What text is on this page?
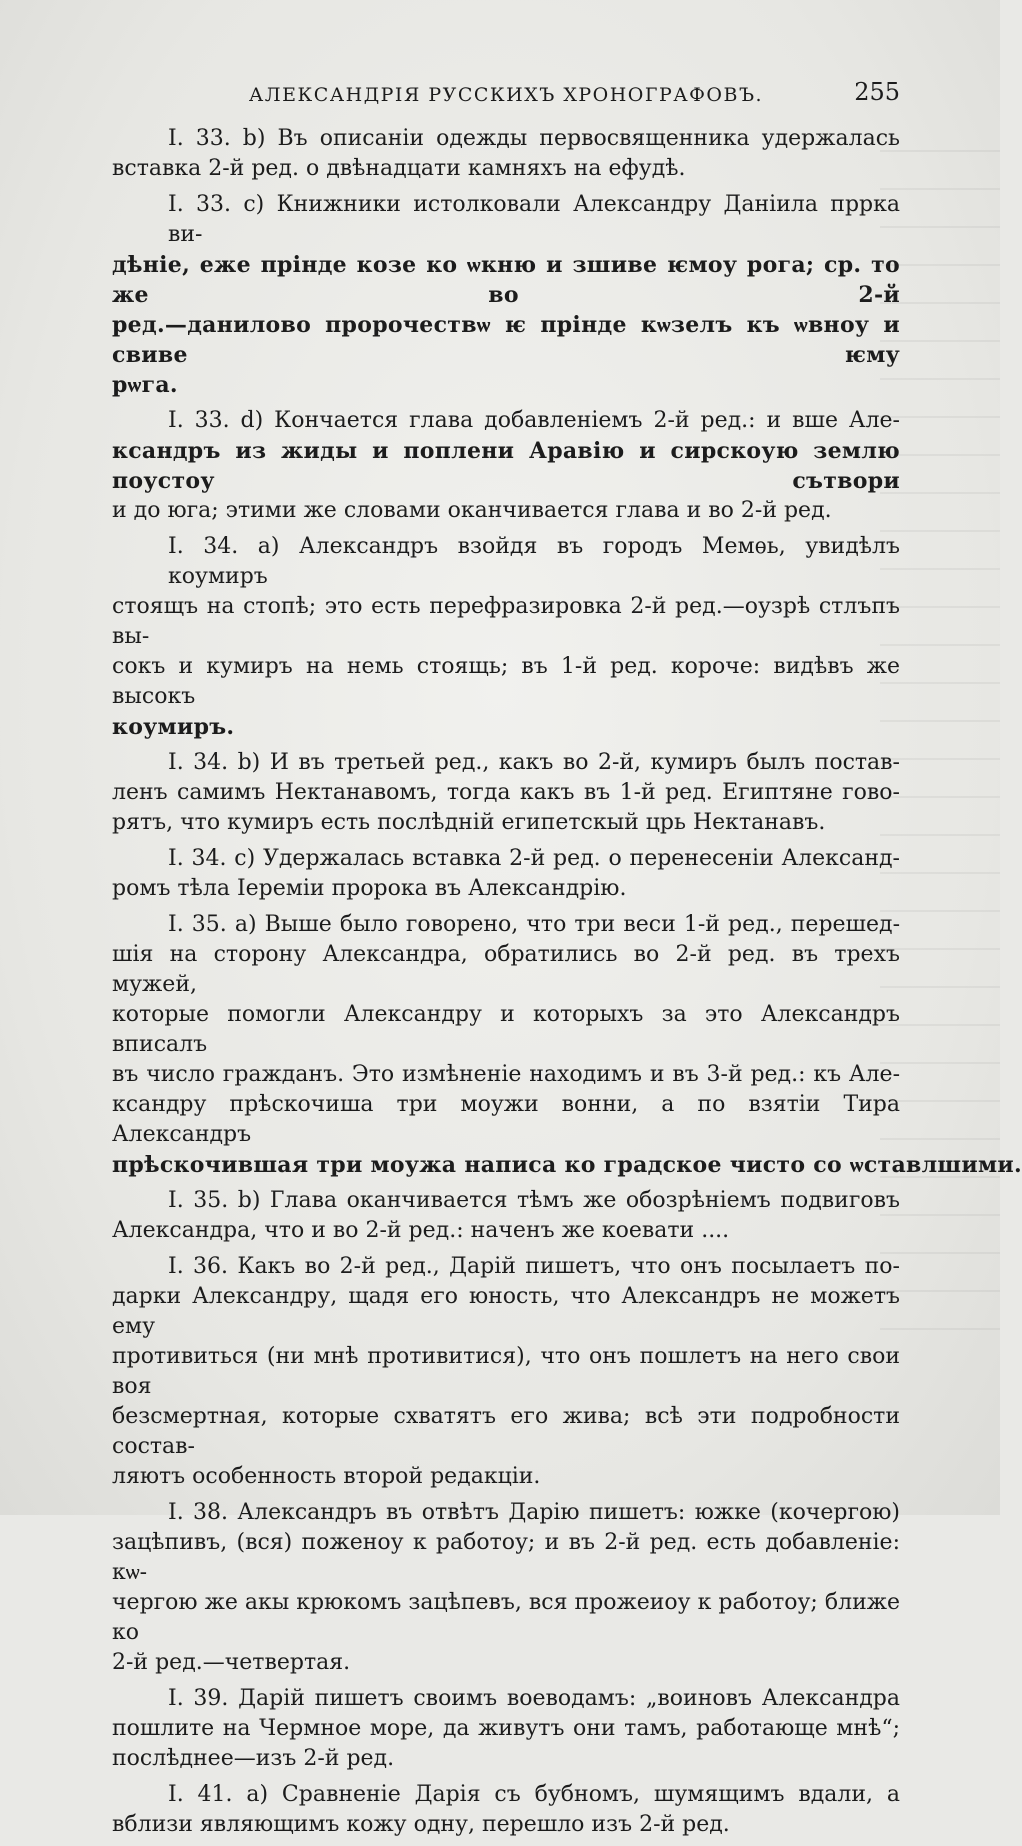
АЛЕКСАНДРІЯ РУССКИХЪ ХРОНОГРАФОВЪ.	255
I. 33. b) Въ описаніи одежды первосвященника удержалась
вставка 2-й ред. о двѣнадцати камняхъ на ефудѣ.
I. 33. c) Книжники истолковали Александру Даніила пррка ви-
дѣніе, еже прінде козе ко ѡкню и зшиве ѥмоу рога; ср. то же во 2-й
ред.—данилово пророчествѡ ѥ прінде кѡзелъ къ ѡвноу и свиве ѥму
рѡга.
I. 33. d) Кончается глава добавленіемъ 2-й ред.: и вше Але-
ксандръ из жиды и поплени Аравію и сирскоую землю поустоу сътвори
и до юга; этими же словами оканчивается глава и во 2-й ред.
I. 34. a) Александръ взойдя въ городъ Мемѳь, увидѣлъ коумиръ
стоящъ на стопѣ; это есть перефразировка 2-й ред.—оузрѣ стлъпъ вы-
сокъ и кумиръ на немь стоящь; въ 1-й ред. короче: видѣвъ же высокъ
коумиръ.
I. 34. b) И въ третьей ред., какъ во 2-й, кумиръ былъ постав-
ленъ самимъ Нектанавомъ, тогда какъ въ 1-й ред. Египтяне гово-
рятъ, что кумиръ есть послѣдній египетскый црь Нектанавъ.
I. 34. c) Удержалась вставка 2-й ред. о перенесеніи Александ-
ромъ тѣла Іереміи пророка въ Александрію.
I. 35. a) Выше было говорено, что три веси 1-й ред., перешед-
шія на сторону Александра, обратились во 2-й ред. въ трехъ мужей,
которые помогли Александру и которыхъ за это Александръ вписалъ
въ число гражданъ. Это измѣненіе находимъ и въ 3-й ред.: къ Але-
ксандру прѣскочиша три моужи вонни, а по взятіи Тира Александръ
прѣскочившая три моужа написа ко градское чисто со ѡставлшими.
I. 35. b) Глава оканчивается тѣмъ же обозрѣніемъ подвиговъ
Александра, что и во 2-й ред.: наченъ же коевати ....
I. 36. Какъ во 2-й ред., Дарій пишетъ, что онъ посылаетъ по-
дарки Александру, щадя его юность, что Александръ не можетъ ему
противиться (ни мнѣ противитися), что онъ пошлетъ на него свои воя
безсмертная, которые схватятъ его жива; всѣ эти подробности состав-
ляютъ особенность второй редакціи.
I. 38. Александръ въ отвѣтъ Дарію пишетъ: южке (кочергою)
зацѣпивъ, (вся) поженоу к работоу; и въ 2-й ред. есть добавленіе: кѡ-
чергою же акы крюкомъ зацѣпевъ, вся прожеиоу к работоу; ближе ко
2-й ред.—четвертая.
I. 39. Дарій пишетъ своимъ воеводамъ: „воиновъ Александра
пошлите на Чермное море, да живутъ они тамъ, работающе мнѣ“;
послѣднее—изъ 2-й ред.
I. 41. a) Сравненіе Дарія съ бубномъ, шумящимъ вдали, а
вблизи являющимъ кожу одну, перешло изъ 2-й ред.
